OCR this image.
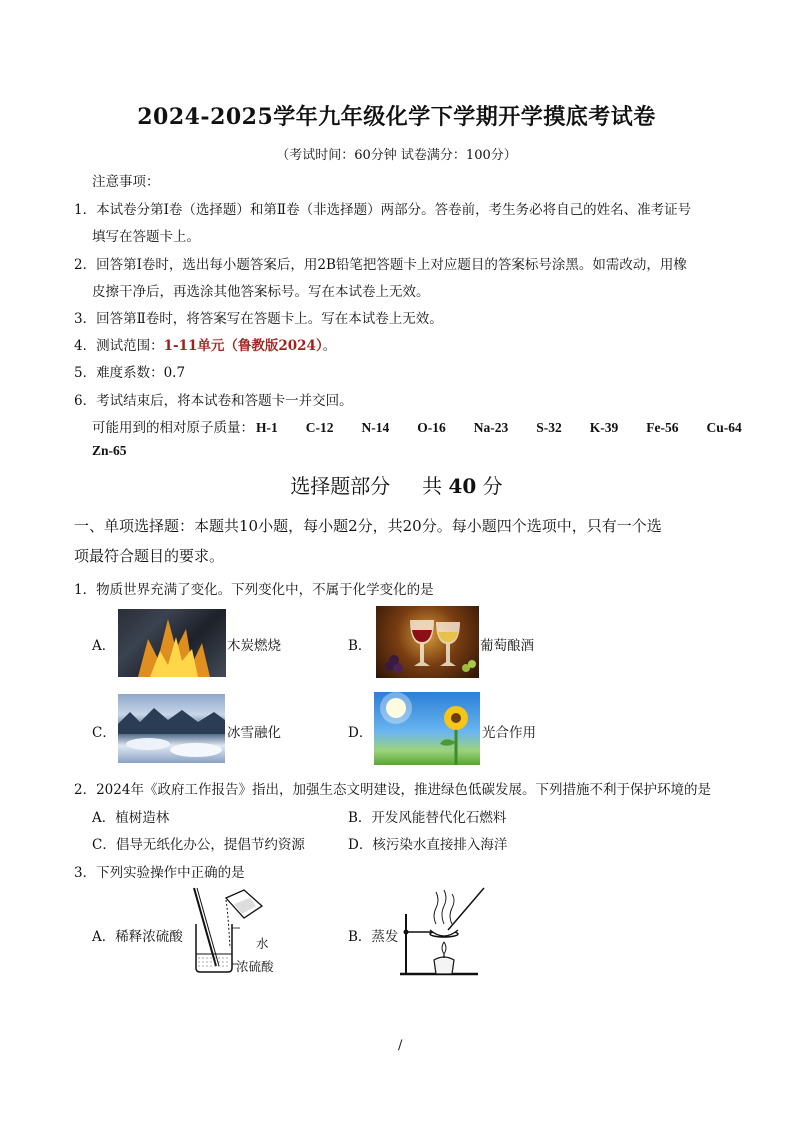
2024-2025学年九年级化学下学期开学摸底考试卷
（考试时间：60分钟 试卷满分：100分）
注意事项：
1．本试卷分第Ⅰ卷（选择题）和第Ⅱ卷（非选择题）两部分。答卷前，考生务必将自己的姓名、准考证号
填写在答题卡上。
2．回答第Ⅰ卷时，选出每小题答案后，用2B铅笔把答题卡上对应题目的答案标号涂黑。如需改动，用橡
皮擦干净后，再选涂其他答案标号。写在本试卷上无效。
3．回答第Ⅱ卷时，将答案写在答题卡上。写在本试卷上无效。
4．测试范围：1-11单元（鲁教版2024）。
5．难度系数：0.7
6．考试结束后，将本试卷和答题卡一并交回。
可能用到的相对原子质量： H-1 C-12 N-14 O-16 Na-23 S-32 K-39 Fe-56 Cu-64
Zn-65
选择题部分 共 40 分
一、单项选择题：本题共10小题，每小题2分，共20分。每小题四个选项中，只有一个选
项最符合题目的要求。
1．物质世界充满了变化。下列变化中，不属于化学变化的是
A．	木炭燃烧	B．	葡萄酿酒
C．	冰雪融化	D．	光合作用
2．2024年《政府工作报告》指出，加强生态文明建设，推进绿色低碳发展。下列措施不利于保护环境的是
A．植树造林	B．开发风能替代化石燃料
C．倡导无纸化办公，提倡节约资源	D．核污染水直接排入海洋
3．下列实验操作中正确的是
A．稀释浓硫酸	水
浓硫酸
B．蒸发
/
